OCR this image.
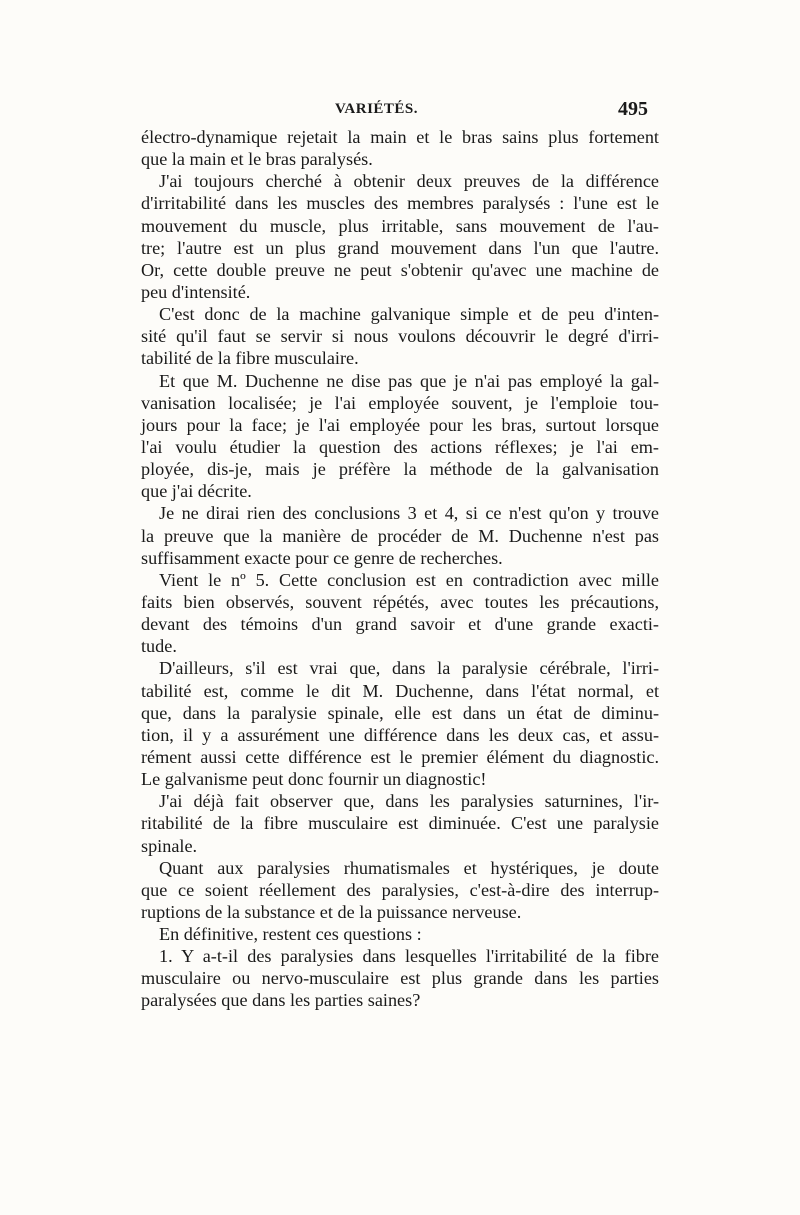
VARIÉTÉS.	495
électro-dynamique rejetait la main et le bras sains plus fortement
que la main et le bras paralysés.
J'ai toujours cherché à obtenir deux preuves de la différence
d'irritabilité dans les muscles des membres paralysés : l'une est le
mouvement du muscle, plus irritable, sans mouvement de l'au-
tre; l'autre est un plus grand mouvement dans l'un que l'autre.
Or, cette double preuve ne peut s'obtenir qu'avec une machine de
peu d'intensité.
C'est donc de la machine galvanique simple et de peu d'inten-
sité qu'il faut se servir si nous voulons découvrir le degré d'irri-
tabilité de la fibre musculaire.
Et que M. Duchenne ne dise pas que je n'ai pas employé la gal-
vanisation localisée; je l'ai employée souvent, je l'emploie tou-
jours pour la face; je l'ai employée pour les bras, surtout lorsque
l'ai voulu étudier la question des actions réflexes; je l'ai em-
ployée, dis-je, mais je préfère la méthode de la galvanisation
que j'ai décrite.
Je ne dirai rien des conclusions 3 et 4, si ce n'est qu'on y trouve
la preuve que la manière de procéder de M. Duchenne n'est pas
suffisamment exacte pour ce genre de recherches.
Vient le nº 5. Cette conclusion est en contradiction avec mille
faits bien observés, souvent répétés, avec toutes les précautions,
devant des témoins d'un grand savoir et d'une grande exacti-
tude.
D'ailleurs, s'il est vrai que, dans la paralysie cérébrale, l'irri-
tabilité est, comme le dit M. Duchenne, dans l'état normal, et
que, dans la paralysie spinale, elle est dans un état de diminu-
tion, il y a assurément une différence dans les deux cas, et assu-
rément aussi cette différence est le premier élément du diagnostic.
Le galvanisme peut donc fournir un diagnostic!
J'ai déjà fait observer que, dans les paralysies saturnines, l'ir-
ritabilité de la fibre musculaire est diminuée. C'est une paralysie
spinale.
Quant aux paralysies rhumatismales et hystériques, je doute
que ce soient réellement des paralysies, c'est-à-dire des interrup-
ruptions de la substance et de la puissance nerveuse.
En définitive, restent ces questions :
1. Y a-t-il des paralysies dans lesquelles l'irritabilité de la fibre
musculaire ou nervo-musculaire est plus grande dans les parties
paralysées que dans les parties saines?
